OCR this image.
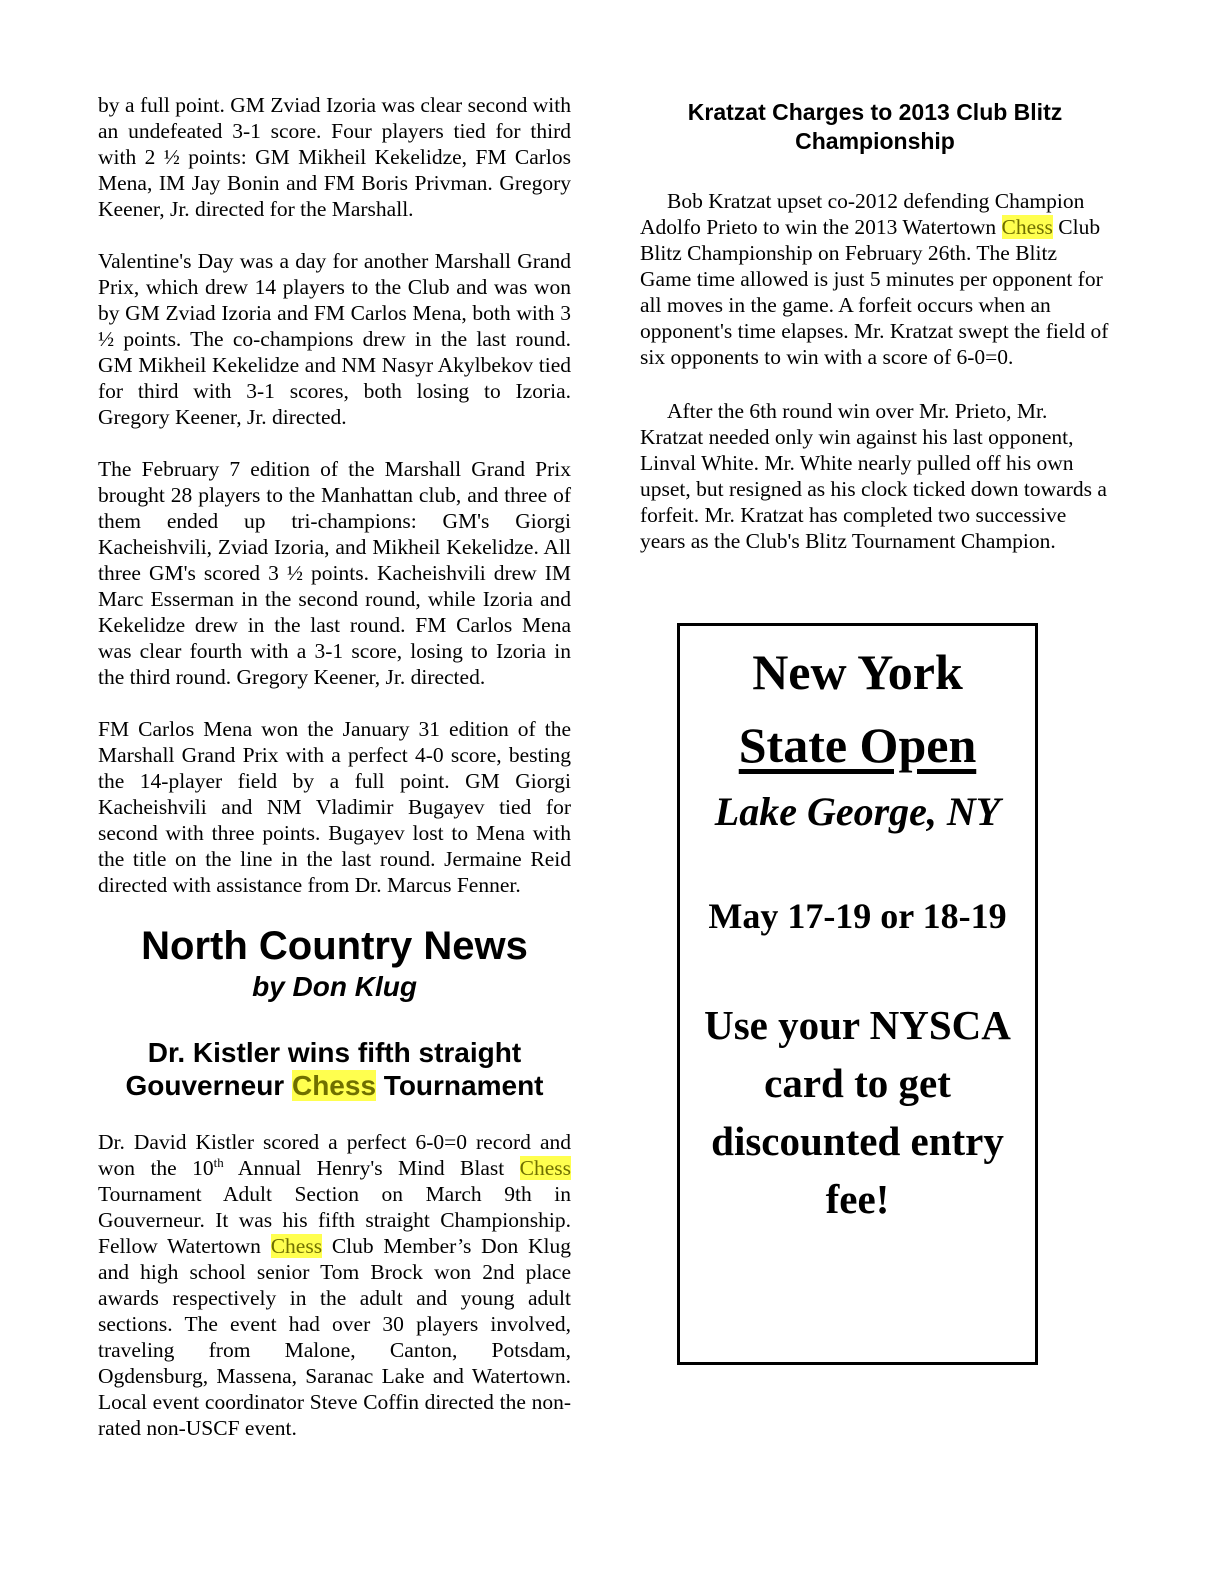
by a full point. GM Zviad Izoria was clear second with an undefeated 3-1 score. Four players tied for third with 2 ½ points: GM Mikheil Kekelidze, FM Carlos Mena, IM Jay Bonin and FM Boris Privman. Gregory Keener, Jr. directed for the Marshall.

Valentine's Day was a day for another Marshall Grand Prix, which drew 14 players to the Club and was won by GM Zviad Izoria and FM Carlos Mena, both with 3 ½ points. The co-champions drew in the last round. GM Mikheil Kekelidze and NM Nasyr Akylbekov tied for third with 3-1 scores, both losing to Izoria. Gregory Keener, Jr. directed.

The February 7 edition of the Marshall Grand Prix brought 28 players to the Manhattan club, and three of them ended up tri-champions: GM's Giorgi Kacheishvili, Zviad Izoria, and Mikheil Kekelidze. All three GM's scored 3 ½ points. Kacheishvili drew IM Marc Esserman in the second round, while Izoria and Kekelidze drew in the last round. FM Carlos Mena was clear fourth with a 3-1 score, losing to Izoria in the third round. Gregory Keener, Jr. directed.

FM Carlos Mena won the January 31 edition of the Marshall Grand Prix with a perfect 4-0 score, besting the 14-player field by a full point. GM Giorgi Kacheishvili and NM Vladimir Bugayev tied for second with three points. Bugayev lost to Mena with the title on the line in the last round. Jermaine Reid directed with assistance from Dr. Marcus Fenner.

North Country News
by Don Klug
Dr. Kistler wins fifth straight
Gouverneur Chess Tournament

Dr. David Kistler scored a perfect 6-0=0 record and won the 10th Annual Henry's Mind Blast Chess Tournament Adult Section on March 9th in Gouverneur. It was his fifth straight Championship. Fellow Watertown Chess Club Member’s Don Klug and high school senior Tom Brock won 2nd place awards respectively in the adult and young adult sections. The event had over 30 players involved, traveling from Malone, Canton, Potsdam, Ogdensburg, Massena, Saranac Lake and Watertown. Local event coordinator Steve Coffin directed the non-rated non-USCF event.

Kratzat Charges to 2013 Club Blitz
Championship

Bob Kratzat upset co-2012 defending Champion Adolfo Prieto to win the 2013 Watertown Chess Club Blitz Championship on February 26th. The Blitz Game time allowed is just 5 minutes per opponent for all moves in the game. A forfeit occurs when an opponent's time elapses. Mr. Kratzat swept the field of six opponents to win with a score of 6-0=0.

After the 6th round win over Mr. Prieto, Mr. Kratzat needed only win against his last opponent, Linval White. Mr. White nearly pulled off his own upset, but resigned as his clock ticked down towards a forfeit. Mr. Kratzat has completed two successive years as the Club's Blitz Tournament Champion.

New York
State Open
Lake George, NY
May 17-19 or 18-19
Use your NYSCA card to get discounted entry fee!
